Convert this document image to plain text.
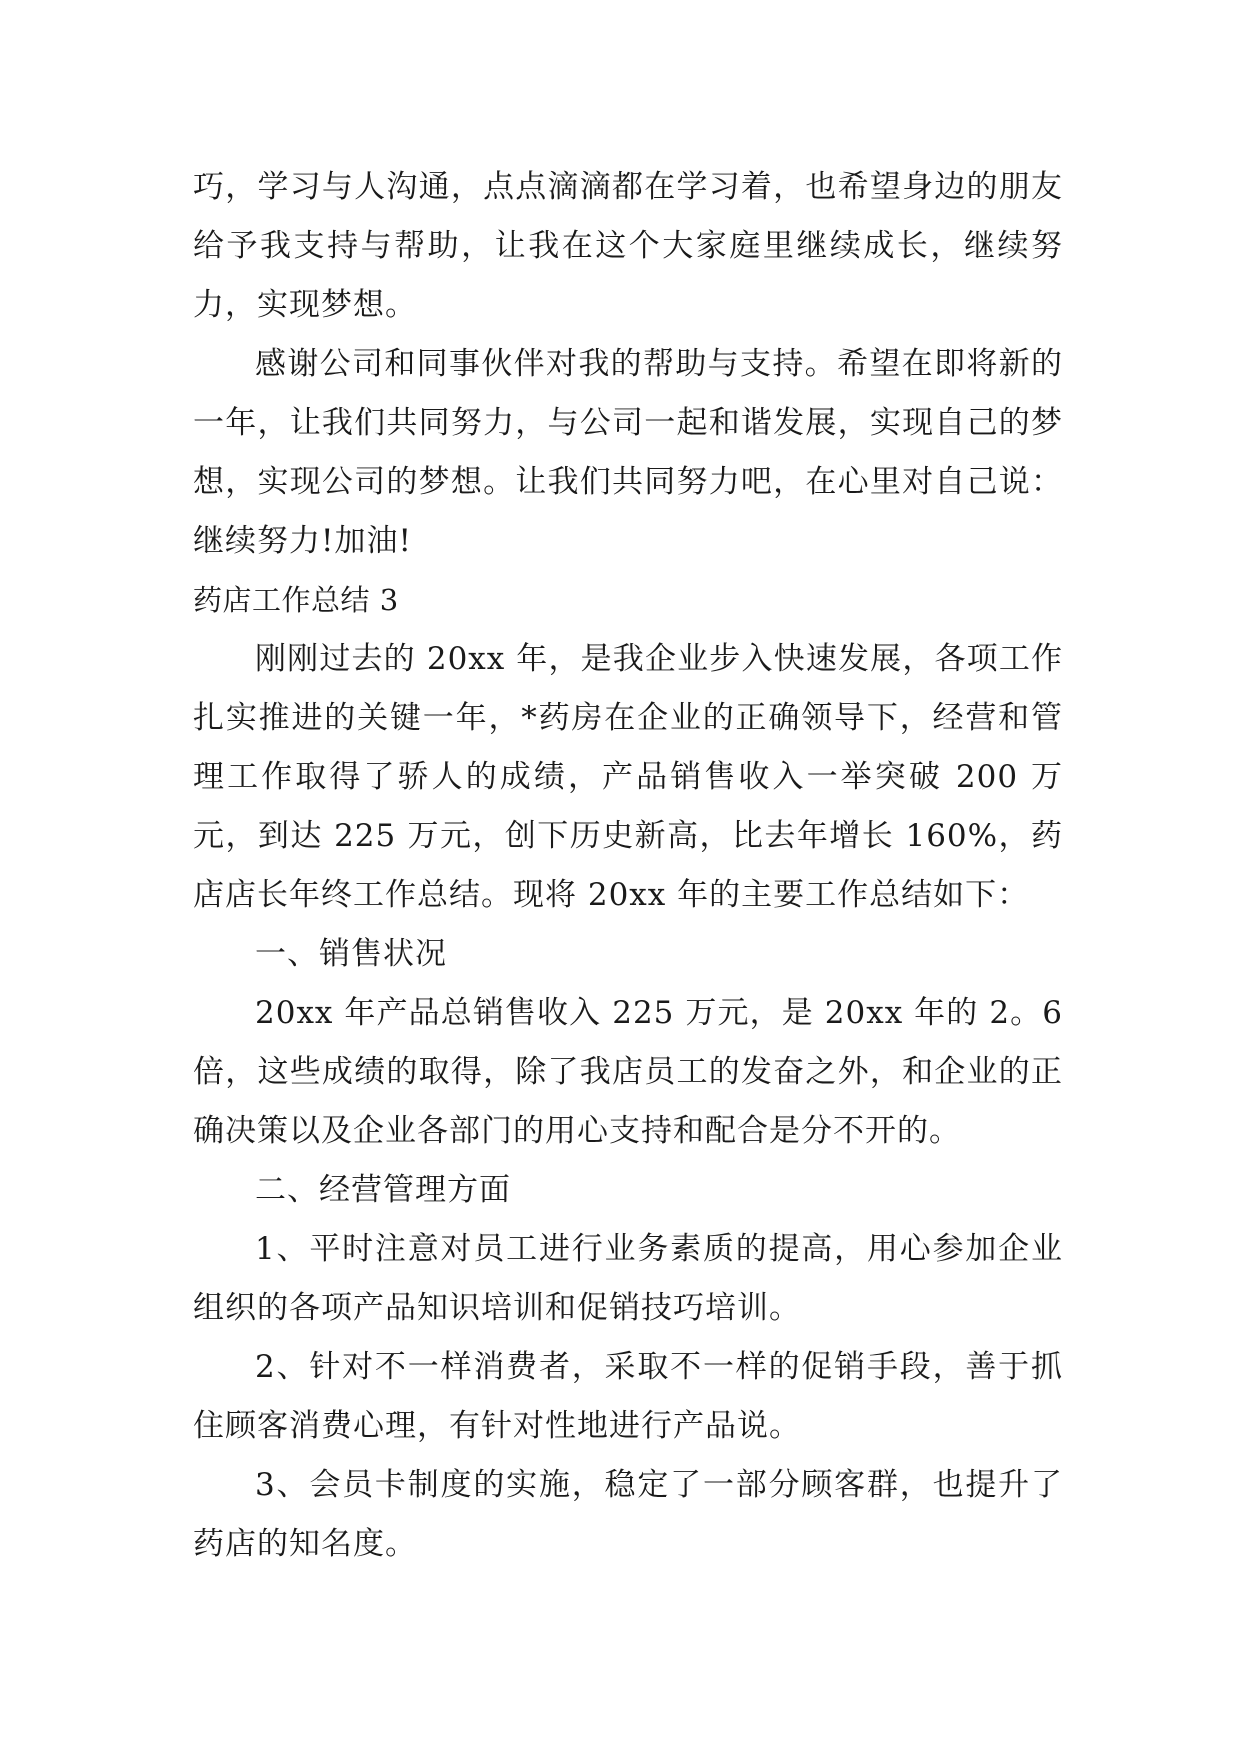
巧，学习与人沟通，点点滴滴都在学习着，也希望身边的朋友给予我支持与帮助，让我在这个大家庭里继续成长，继续努力，实现梦想。

感谢公司和同事伙伴对我的帮助与支持。希望在即将新的一年，让我们共同努力，与公司一起和谐发展，实现自己的梦想，实现公司的梦想。让我们共同努力吧，在心里对自己说：继续努力!加油!

药店工作总结 3

刚刚过去的 20xx 年，是我企业步入快速发展，各项工作扎实推进的关键一年，*药房在企业的正确领导下，经营和管理工作取得了骄人的成绩，产品销售收入一举突破 200 万元，到达 225 万元，创下历史新高，比去年增长 160%，药店店长年终工作总结。现将 20xx 年的主要工作总结如下：

一、销售状况

20xx 年产品总销售收入 225 万元，是 20xx 年的 2。6 倍，这些成绩的取得，除了我店员工的发奋之外，和企业的正确决策以及企业各部门的用心支持和配合是分不开的。

二、经营管理方面

1、平时注意对员工进行业务素质的提高，用心参加企业组织的各项产品知识培训和促销技巧培训。

2、针对不一样消费者，采取不一样的促销手段，善于抓住顾客消费心理，有针对性地进行产品说。

3、会员卡制度的实施，稳定了一部分顾客群，也提升了药店的知名度。
